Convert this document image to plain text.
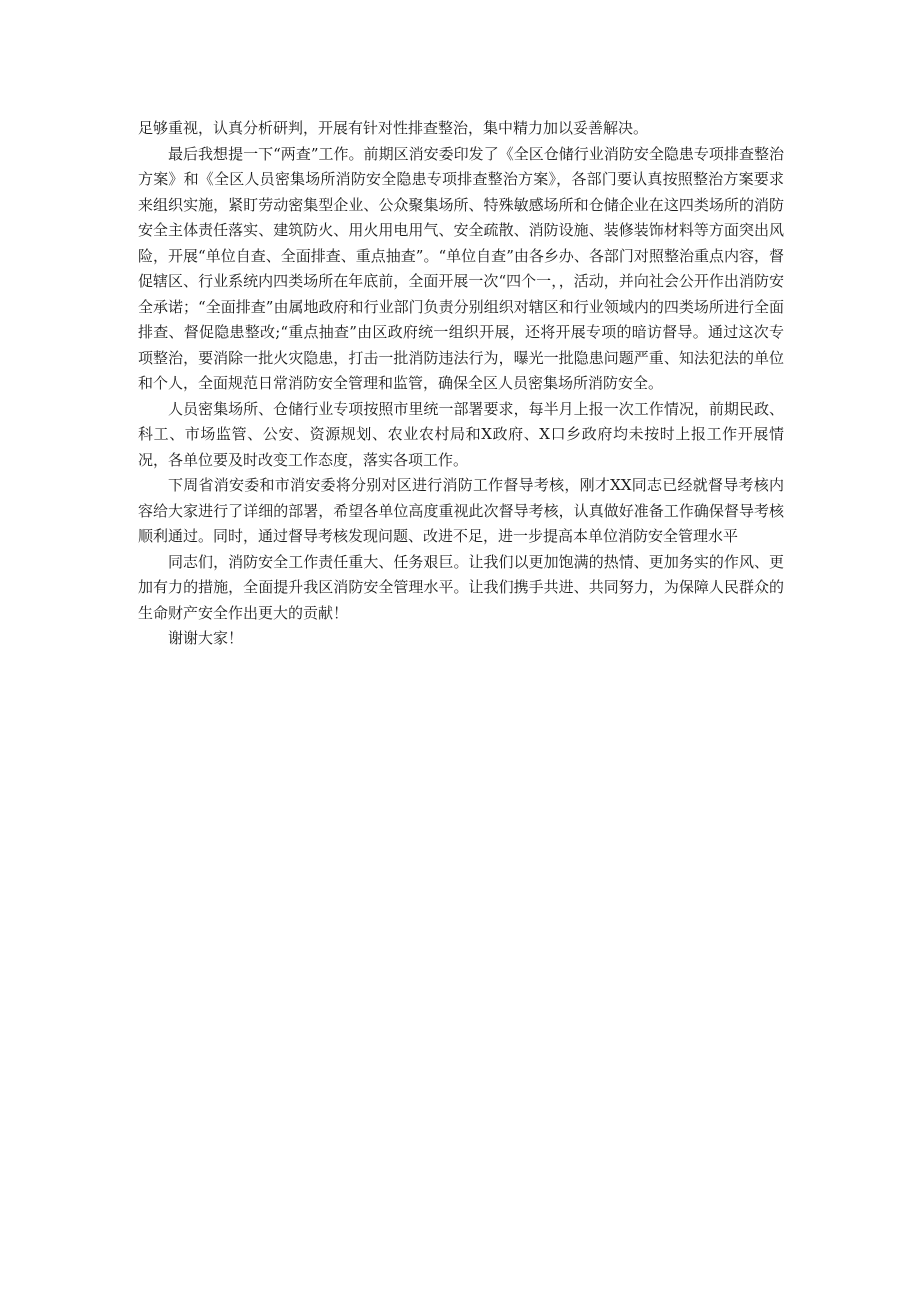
足够重视，认真分析研判，开展有针对性排查整治，集中精力加以妥善解决。

最后我想提一下“两查”工作。前期区消安委印发了《全区仓储行业消防安全隐患专项排查整治方案》和《全区人员密集场所消防安全隐患专项排查整治方案》，各部门要认真按照整治方案要求来组织实施，紧盯劳动密集型企业、公众聚集场所、特殊敏感场所和仓储企业在这四类场所的消防安全主体责任落实、建筑防火、用火用电用气、安全疏散、消防设施、装修装饰材料等方面突出风险，开展“单位自查、全面排查、重点抽查”。“单位自查”由各乡办、各部门对照整治重点内容，督促辖区、行业系统内四类场所在年底前，全面开展一次“四个一，，活动，并向社会公开作出消防安全承诺；“全面排查”由属地政府和行业部门负责分别组织对辖区和行业领域内的四类场所进行全面排查、督促隐患整改;“重点抽查”由区政府统一组织开展，还将开展专项的暗访督导。通过这次专项整治，要消除一批火灾隐患，打击一批消防违法行为，曝光一批隐患问题严重、知法犯法的单位和个人，全面规范日常消防安全管理和监管，确保全区人员密集场所消防安全。

人员密集场所、仓储行业专项按照市里统一部署要求，每半月上报一次工作情况，前期民政、科工、市场监管、公安、资源规划、农业农村局和X政府、X口乡政府均未按时上报工作开展情况，各单位要及时改变工作态度，落实各项工作。

下周省消安委和市消安委将分别对区进行消防工作督导考核，刚才XX同志已经就督导考核内容给大家进行了详细的部署，希望各单位高度重视此次督导考核，认真做好准备工作确保督导考核顺利通过。同时，通过督导考核发现问题、改进不足，进一步提高本单位消防安全管理水平

同志们，消防安全工作责任重大、任务艰巨。让我们以更加饱满的热情、更加务实的作风、更加有力的措施，全面提升我区消防安全管理水平。让我们携手共进、共同努力，为保障人民群众的生命财产安全作出更大的贡献！

谢谢大家！
